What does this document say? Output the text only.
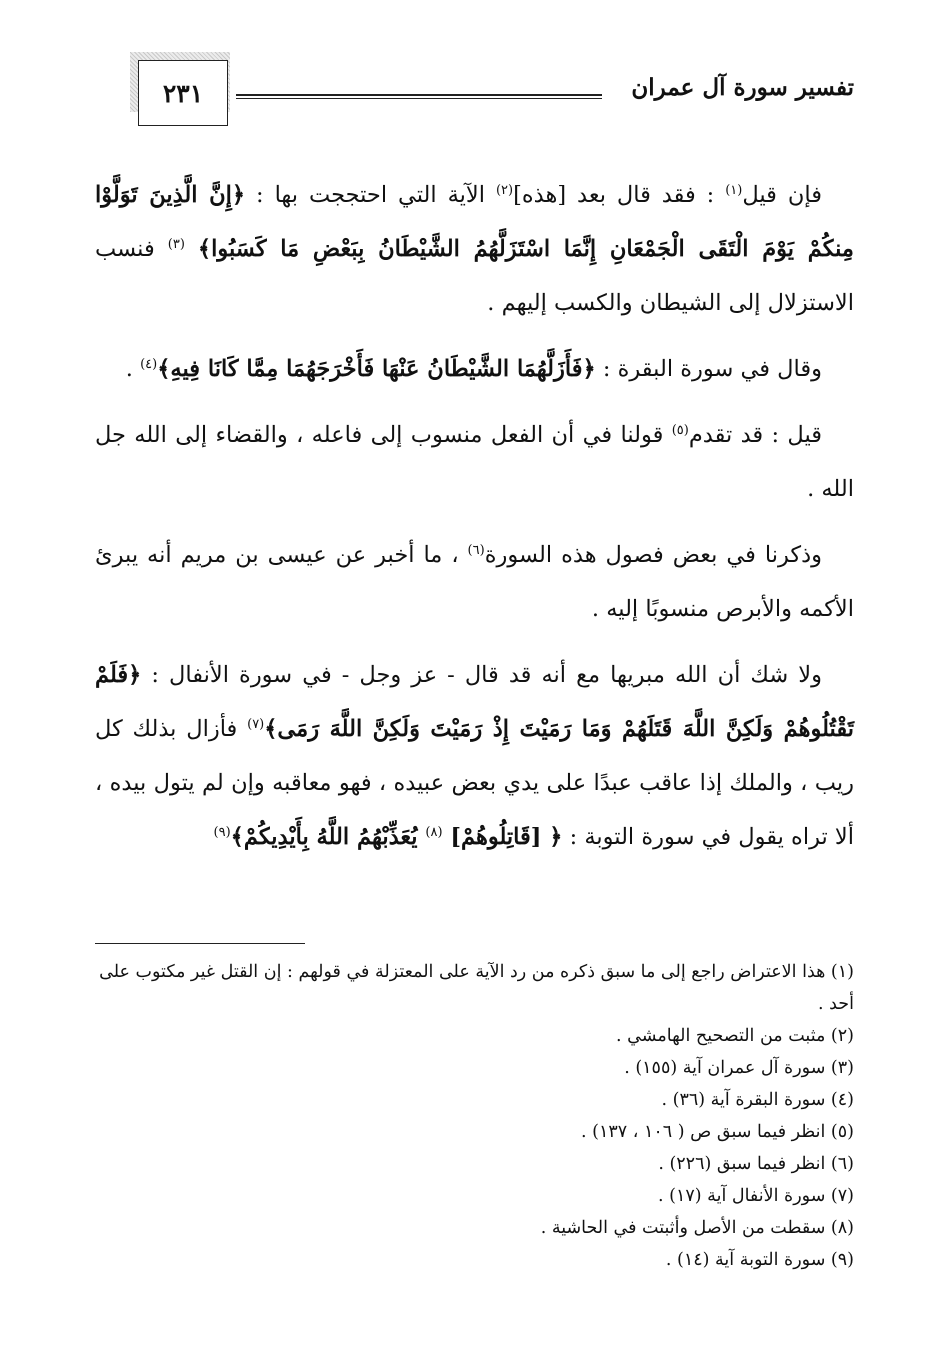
تفسير سورة آل عمران
٢٣١

فإن قيل$^{(١)}$ : فقد قال بعد [هذه]$^{(٢)}$ الآية التي احتججت بها : ﴿إِنَّ الَّذِينَ تَوَلَّوْا مِنكُمْ يَوْمَ الْتَقَى الْجَمْعَانِ إِنَّمَا اسْتَزَلَّهُمُ الشَّيْطَانُ بِبَعْضِ مَا كَسَبُوا﴾ $^{(٣)}$ فنسب الاستزلال إلى الشيطان والكسب إليهم .

وقال في سورة البقرة : ﴿فَأَزَلَّهُمَا الشَّيْطَانُ عَنْهَا فَأَخْرَجَهُمَا مِمَّا كَانَا فِيهِ﴾$^{(٤)}$ .

قيل : قد تقدم$^{(٥)}$ قولنا في أن الفعل منسوب إلى فاعله ، والقضاء إلى الله جل الله .

وذكرنا في بعض فصول هذه السورة$^{(٦)}$ ، ما أخبر عن عيسى بن مريم أنه يبرئ الأكمه والأبرص منسوبًا إليه .

ولا شك أن الله مبريها مع أنه قد قال - عز وجل - في سورة الأنفال : ﴿فَلَمْ تَقْتُلُوهُمْ وَلَكِنَّ اللَّهَ قَتَلَهُمْ وَمَا رَمَيْتَ إِذْ رَمَيْتَ وَلَكِنَّ اللَّهَ رَمَى﴾$^{(٧)}$ فأزال بذلك كل ريب ، والملك إذا عاقب عبدًا على يدي بعض عبيده ، فهو معاقبه وإن لم يتول بيده ، ألا تراه يقول في سورة التوبة : ﴿ [قَاتِلُوهُمْ] $^{(٨)}$ يُعَذِّبْهُمُ اللَّهُ بِأَيْدِيكُمْ﴾$^{(٩)}$

(١) هذا الاعتراض راجع إلى ما سبق ذكره من رد الآية على المعتزلة في قولهم : إن القتل غير مكتوب على أحد .
(٢) مثبت من التصحيح الهامشي .
(٣) سورة آل عمران آية (١٥٥) .
(٤) سورة البقرة آية (٣٦) .
(٥) انظر فيما سبق ص ( ١٠٦ ، ١٣٧) .
(٦) انظر فيما سبق (٢٢٦) .
(٧) سورة الأنفال آية (١٧) .
(٨) سقطت من الأصل وأثبتت في الحاشية .
(٩) سورة التوبة آية (١٤) .
